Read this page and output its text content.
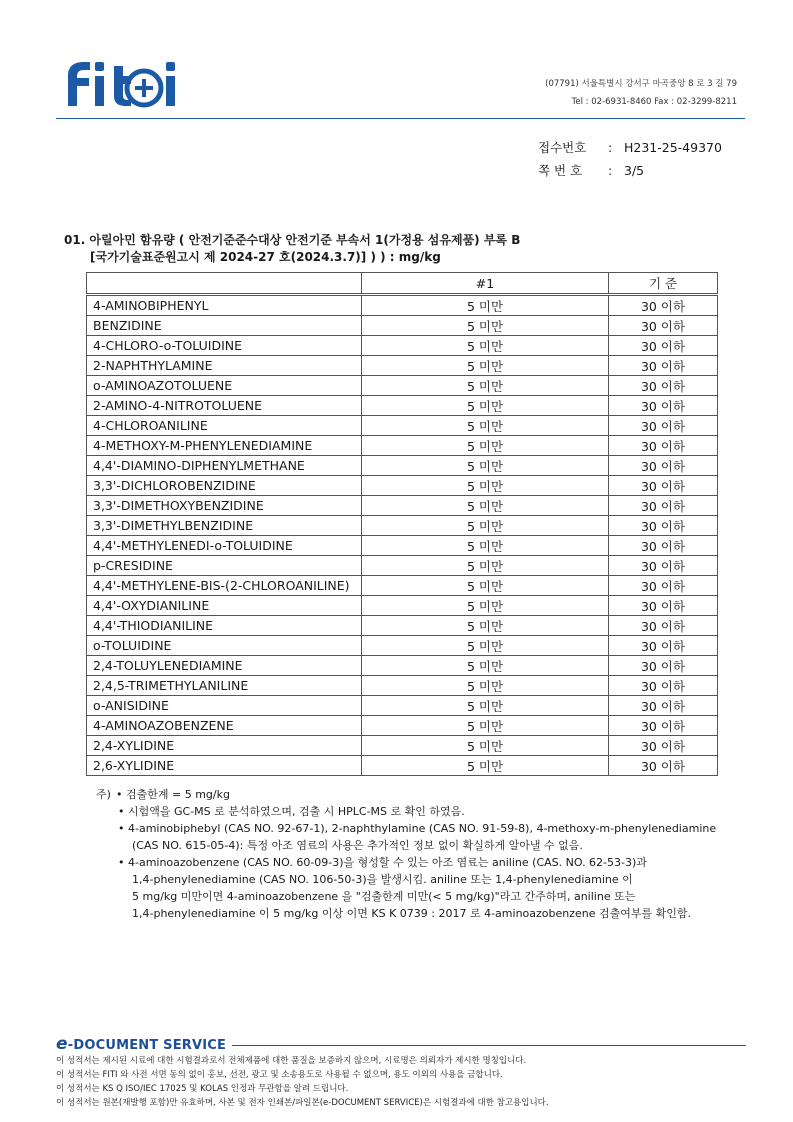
(07791) 서울특별시 강서구 마곡중앙 8 로 3 길 79
Tel : 02-6931-8460 Fax : 02-3299-8211
접수번호	: H231-25-49370
쪽 번 호	: 3/5
01. 아릴아민 함유량 ( 안전기준준수대상 안전기준 부속서 1(가정용 섬유제품) 부록 B
[국가기술표준원고시 제 2024-27 호(2024.3.7)] ) ) : mg/kg
	#1	기 준
4-AMINOBIPHENYL	5 미만	30 이하
BENZIDINE	5 미만	30 이하
4-CHLORO-o-TOLUIDINE	5 미만	30 이하
2-NAPHTHYLAMINE	5 미만	30 이하
o-AMINOAZOTOLUENE	5 미만	30 이하
2-AMINO-4-NITROTOLUENE	5 미만	30 이하
4-CHLOROANILINE	5 미만	30 이하
4-METHOXY-M-PHENYLENEDIAMINE	5 미만	30 이하
4,4'-DIAMINO-DIPHENYLMETHANE	5 미만	30 이하
3,3'-DICHLOROBENZIDINE	5 미만	30 이하
3,3'-DIMETHOXYBENZIDINE	5 미만	30 이하
3,3'-DIMETHYLBENZIDINE	5 미만	30 이하
4,4'-METHYLENEDI-o-TOLUIDINE	5 미만	30 이하
p-CRESIDINE	5 미만	30 이하
4,4'-METHYLENE-BIS-(2-CHLOROANILINE)	5 미만	30 이하
4,4'-OXYDIANILINE	5 미만	30 이하
4,4'-THIODIANILINE	5 미만	30 이하
o-TOLUIDINE	5 미만	30 이하
2,4-TOLUYLENEDIAMINE	5 미만	30 이하
2,4,5-TRIMETHYLANILINE	5 미만	30 이하
o-ANISIDINE	5 미만	30 이하
4-AMINOAZOBENZENE	5 미만	30 이하
2,4-XYLIDINE	5 미만	30 이하
2,6-XYLIDINE	5 미만	30 이하
주) • 검출한계 = 5 mg/kg
• 시험액을 GC-MS 로 분석하였으며, 검출 시 HPLC-MS 로 확인 하였음.
• 4-aminobiphebyl (CAS NO. 92-67-1), 2-naphthylamine (CAS NO. 91-59-8), 4-methoxy-m-phenylenediamine
(CAS NO. 615-05-4): 특정 아조 염료의 사용은 추가적인 정보 없이 확실하게 알아낼 수 없음.
• 4-aminoazobenzene (CAS NO. 60-09-3)을 형성할 수 있는 아조 염료는 aniline (CAS. NO. 62-53-3)과
1,4-phenylenediamine (CAS NO. 106-50-3)을 발생시킴. aniline 또는 1,4-phenylenediamine 이
5 mg/kg 미만이면 4-aminoazobenzene 을 "검출한계 미만(< 5 mg/kg)"라고 간주하며, aniline 또는
1,4-phenylenediamine 이 5 mg/kg 이상 이면 KS K 0739 : 2017 로 4-aminoazobenzene 검출여부를 확인함.
e-DOCUMENT SERVICE
이 성적서는 제시된 시료에 대한 시험결과로서 전체제품에 대한 품질을 보증하지 않으며, 시료명은 의뢰자가 제시한 명칭입니다.
이 성적서는 FITI 와 사전 서면 동의 없이 홍보, 선전, 광고 및 소송용도로 사용될 수 없으며, 용도 이외의 사용을 금합니다.
이 성적서는 KS Q ISO/IEC 17025 및 KOLAS 인정과 무관함을 알려 드립니다.
이 성적서는 원본(재발행 포함)만 유효하며, 사본 및 전자 인쇄본/파일본(e-DOCUMENT SERVICE)은 시험결과에 대한 참고용입니다.
